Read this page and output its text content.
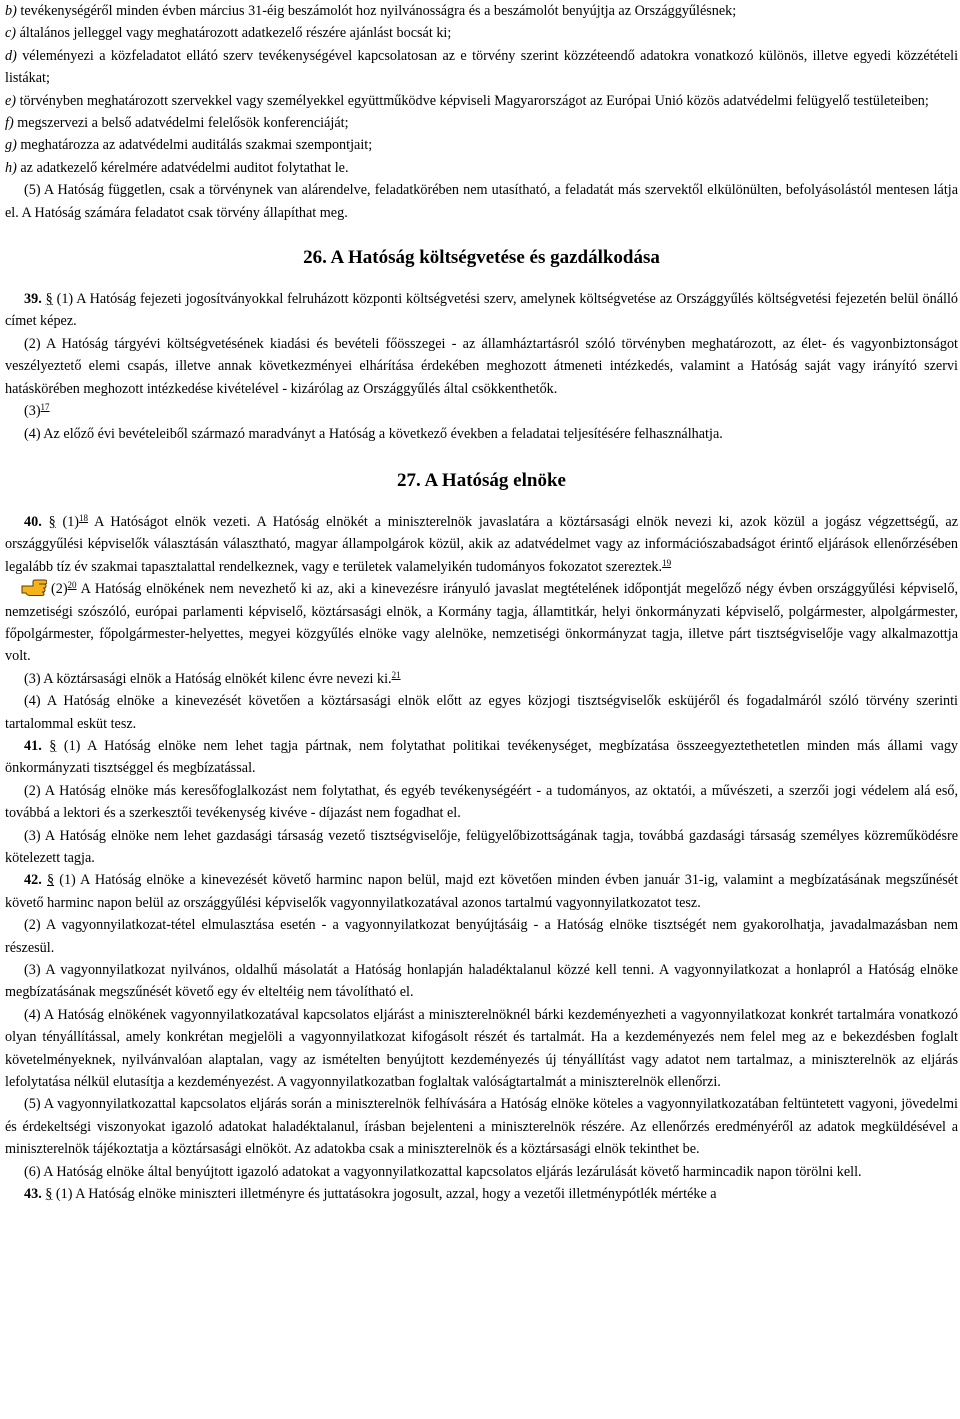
b) tevékenységéről minden évben március 31-éig beszámolót hoz nyilvánosságra és a beszámolót benyújtja az Országgyűlésnek;

c) általános jelleggel vagy meghatározott adatkezelő részére ajánlást bocsát ki;

d) véleményezi a közfeladatot ellátó szerv tevékenységével kapcsolatosan az e törvény szerint közzéteendő adatokra vonatkozó különös, illetve egyedi közzétételi listákat;

e) törvényben meghatározott szervekkel vagy személyekkel együttműködve képviseli Magyarországot az Európai Unió közös adatvédelmi felügyelő testületeiben;

f) megszervezi a belső adatvédelmi felelősök konferenciáját;

g) meghatározza az adatvédelmi auditálás szakmai szempontjait;

h) az adatkezelő kérelmére adatvédelmi auditot folytathat le.

(5) A Hatóság független, csak a törvénynek van alárendelve, feladatkörében nem utasítható, a feladatát más szervektől elkülönülten, befolyásolástól mentesen látja el. A Hatóság számára feladatot csak törvény állapíthat meg.

26. A Hatóság költségvetése és gazdálkodása

39. § (1) A Hatóság fejezeti jogosítványokkal felruházott központi költségvetési szerv, amelynek költségvetése az Országgyűlés költségvetési fejezetén belül önálló címet képez.

(2) A Hatóság tárgyévi költségvetésének kiadási és bevételi főösszegei - az államháztartásról szóló törvényben meghatározott, az élet- és vagyonbiztonságot veszélyeztető elemi csapás, illetve annak következményei elhárítása érdekében meghozott átmeneti intézkedés, valamint a Hatóság saját vagy irányító szervi hatáskörében meghozott intézkedése kivételével - kizárólag az Országgyűlés által csökkenthetők.

(3)$^{17}$

(4) Az előző évi bevételeiből származó maradványt a Hatóság a következő években a feladatai teljesítésére felhasználhatja.

27. A Hatóság elnöke

40. § (1)$^{18}$ A Hatóságot elnök vezeti. A Hatóság elnökét a miniszterelnök javaslatára a köztársasági elnök nevezi ki, azok közül a jogász végzettségű, az országgyűlési képviselők választásán választható, magyar állampolgárok közül, akik az adatvédelmet vagy az információszabadságot érintő eljárások ellenőrzésében legalább tíz év szakmai tapasztalattal rendelkeznek, vagy e területek valamelyikén tudományos fokozatot szereztek.$^{19}$

(2)$^{20}$ A Hatóság elnökének nem nevezhető ki az, aki a kinevezésre irányuló javaslat megtételének időpontját megelőző négy évben országgyűlési képviselő, nemzetiségi szószóló, európai parlamenti képviselő, köztársasági elnök, a Kormány tagja, államtitkár, helyi önkormányzati képviselő, polgármester, alpolgármester, főpolgármester, főpolgármester-helyettes, megyei közgyűlés elnöke vagy alelnöke, nemzetiségi önkormányzat tagja, illetve párt tisztségviselője vagy alkalmazottja volt.

(3) A köztársasági elnök a Hatóság elnökét kilenc évre nevezi ki.$^{21}$

(4) A Hatóság elnöke a kinevezését követően a köztársasági elnök előtt az egyes közjogi tisztségviselők esküjéről és fogadalmáról szóló törvény szerinti tartalommal esküt tesz.

41. § (1) A Hatóság elnöke nem lehet tagja pártnak, nem folytathat politikai tevékenységet, megbízatása összeegyeztethetetlen minden más állami vagy önkormányzati tisztséggel és megbízatással.

(2) A Hatóság elnöke más keresőfoglalkozást nem folytathat, és egyéb tevékenységéért - a tudományos, az oktatói, a művészeti, a szerzői jogi védelem alá eső, továbbá a lektori és a szerkesztői tevékenység kivéve - díjazást nem fogadhat el.

(3) A Hatóság elnöke nem lehet gazdasági társaság vezető tisztségviselője, felügyelőbizottságának tagja, továbbá gazdasági társaság személyes közreműködésre kötelezett tagja.

42. § (1) A Hatóság elnöke a kinevezését követő harminc napon belül, majd ezt követően minden évben január 31-ig, valamint a megbízatásának megszűnését követő harminc napon belül az országgyűlési képviselők vagyonnyilatkozatával azonos tartalmú vagyonnyilatkozatot tesz.

(2) A vagyonnyilatkozat-tétel elmulasztása esetén - a vagyonnyilatkozat benyújtásáig - a Hatóság elnöke tisztségét nem gyakorolhatja, javadalmazásban nem részesül.

(3) A vagyonnyilatkozat nyilvános, oldalhű másolatát a Hatóság honlapján haladéktalanul közzé kell tenni. A vagyonnyilatkozat a honlapról a Hatóság elnöke megbízatásának megszűnését követő egy év elteltéig nem távolítható el.

(4) A Hatóság elnökének vagyonnyilatkozatával kapcsolatos eljárást a miniszterelnöknél bárki kezdeményezheti a vagyonnyilatkozat konkrét tartalmára vonatkozó olyan tényállítással, amely konkrétan megjelöli a vagyonnyilatkozat kifogásolt részét és tartalmát. Ha a kezdeményezés nem felel meg az e bekezdésben foglalt követelményeknek, nyilvánvalóan alaptalan, vagy az ismételten benyújtott kezdeményezés új tényállítást vagy adatot nem tartalmaz, a miniszterelnök az eljárás lefolytatása nélkül elutasítja a kezdeményezést. A vagyonnyilatkozatban foglaltak valóságtartalmát a miniszterelnök ellenőrzi.

(5) A vagyonnyilatkozattal kapcsolatos eljárás során a miniszterelnök felhívására a Hatóság elnöke köteles a vagyonnyilatkozatában feltüntetett vagyoni, jövedelmi és érdekeltségi viszonyokat igazoló adatokat haladéktalanul, írásban bejelenteni a miniszterelnök részére. Az ellenőrzés eredményéről az adatok megküldésével a miniszterelnök tájékoztatja a köztársasági elnököt. Az adatokba csak a miniszterelnök és a köztársasági elnök tekinthet be.

(6) A Hatóság elnöke által benyújtott igazoló adatokat a vagyonnyilatkozattal kapcsolatos eljárás lezárulását követő harmincadik napon törölni kell.

43. § (1) A Hatóság elnöke miniszteri illetményre és juttatásokra jogosult, azzal, hogy a vezetői illetménypótlék mértéke a
